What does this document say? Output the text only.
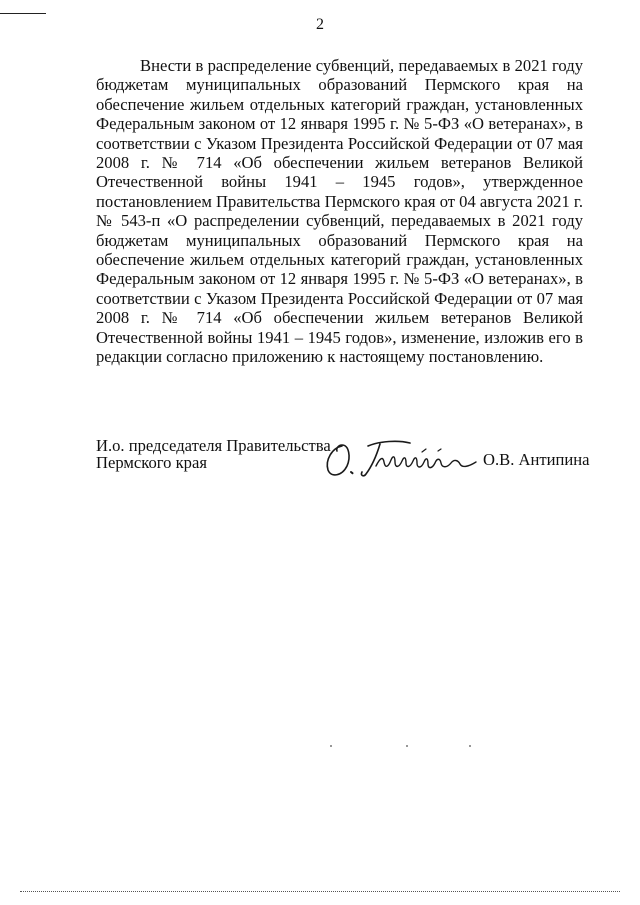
2

Внести в распределение субвенций, передаваемых в 2021 году бюджетам муниципальных образований Пермского края на обеспечение жильем отдельных категорий граждан, установленных Федеральным законом от 12 января 1995 г. № 5-ФЗ «О ветеранах», в соответствии с Указом Президента Российской Федерации от 07 мая 2008 г. № 714 «Об обеспечении жильем ветеранов Великой Отечественной войны 1941 – 1945 годов», утвержденное постановлением Правительства Пермского края от 04 августа 2021 г. № 543-п «О распределении субвенций, передаваемых в 2021 году бюджетам муниципальных образований Пермского края на обеспечение жильем отдельных категорий граждан, установленных Федеральным законом от 12 января 1995 г. № 5-ФЗ «О ветеранах», в соответствии с Указом Президента Российской Федерации от 07 мая 2008 г. № 714 «Об обеспечении жильем ветеранов Великой Отечественной войны 1941 – 1945 годов», изменение, изложив его в редакции согласно приложению к настоящему постановлению.

И.о. председателя Правительства
Пермского края	О.В. Антипина
